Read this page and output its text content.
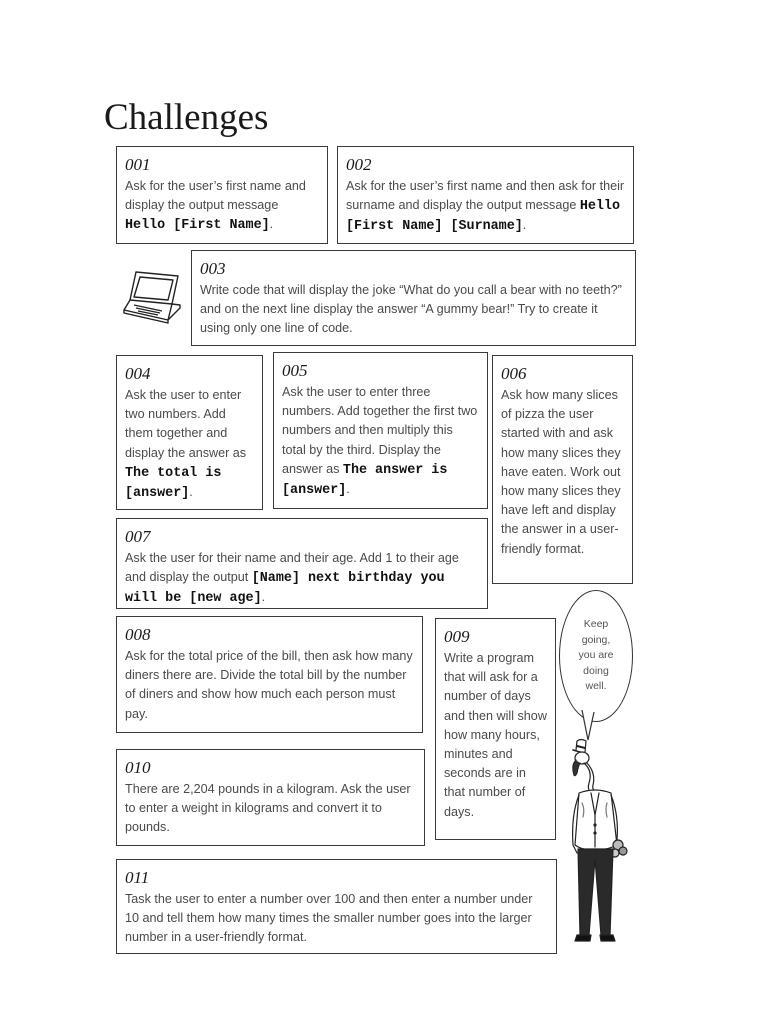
Challenges
001
Ask for the user’s first name and display the output message Hello [First Name].
002
Ask for the user’s first name and then ask for their surname and display the output message Hello [First Name] [Surname].
003
Write code that will display the joke “What do you call a bear with no teeth?” and on the next line display the answer “A gummy bear!” Try to create it using only one line of code.
004
Ask the user to enter two numbers. Add them together and display the answer as The total is [answer].
005
Ask the user to enter three numbers. Add together the first two numbers and then multiply this total by the third. Display the answer as The answer is [answer].
006
Ask how many slices of pizza the user started with and ask how many slices they have eaten. Work out how many slices they have left and display the answer in a user-friendly format.
007
Ask the user for their name and their age. Add 1 to their age and display the output [Name] next birthday you will be [new age].
008
Ask for the total price of the bill, then ask how many diners there are. Divide the total bill by the number of diners and show how much each person must pay.
009
Write a program that will ask for a number of days and then will show how many hours, minutes and seconds are in that number of days.
010
There are 2,204 pounds in a kilogram. Ask the user to enter a weight in kilograms and convert it to pounds.
011
Task the user to enter a number over 100 and then enter a number under 10 and tell them how many times the smaller number goes into the larger number in a user-friendly format.
Keep going, you are doing well.
